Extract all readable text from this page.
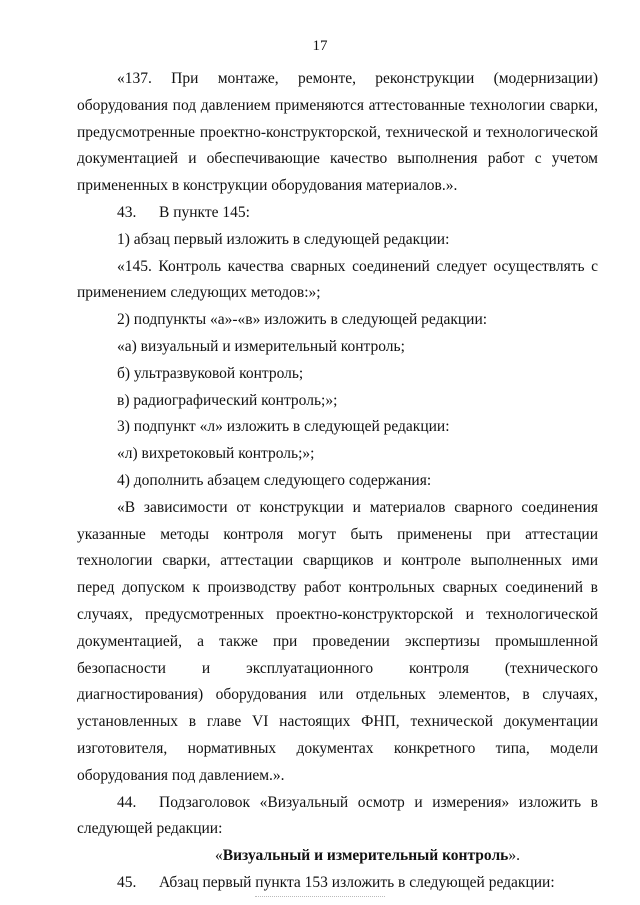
17

«137. При монтаже, ремонте, реконструкции (модернизации) оборудования под давлением применяются аттестованные технологии сварки, предусмотренные проектно-конструкторской, технической и технологической документацией и обеспечивающие качество выполнения работ с учетом примененных в конструкции оборудования материалов.».

43. В пункте 145:

1) абзац первый изложить в следующей редакции:

«145. Контроль качества сварных соединений следует осуществлять с применением следующих методов:»;

2) подпункты «а»-«в» изложить в следующей редакции:

«а) визуальный и измерительный контроль;

б) ультразвуковой контроль;

в) радиографический контроль;»;

3) подпункт «л» изложить в следующей редакции:

«л) вихретоковый контроль;»;

4) дополнить абзацем следующего содержания:

«В зависимости от конструкции и материалов сварного соединения указанные методы контроля могут быть применены при аттестации технологии сварки, аттестации сварщиков и контроле выполненных ими перед допуском к производству работ контрольных сварных соединений в случаях, предусмотренных проектно-конструкторской и технологической документацией, а также при проведении экспертизы промышленной безопасности и эксплуатационного контроля (технического диагностирования) оборудования или отдельных элементов, в случаях, установленных в главе VI настоящих ФНП, технической документации изготовителя, нормативных документах конкретного типа, модели оборудования под давлением.».

44. Подзаголовок «Визуальный осмотр и измерения» изложить в следующей редакции:

«Визуальный и измерительный контроль».

45. Абзац первый пункта 153 изложить в следующей редакции:
